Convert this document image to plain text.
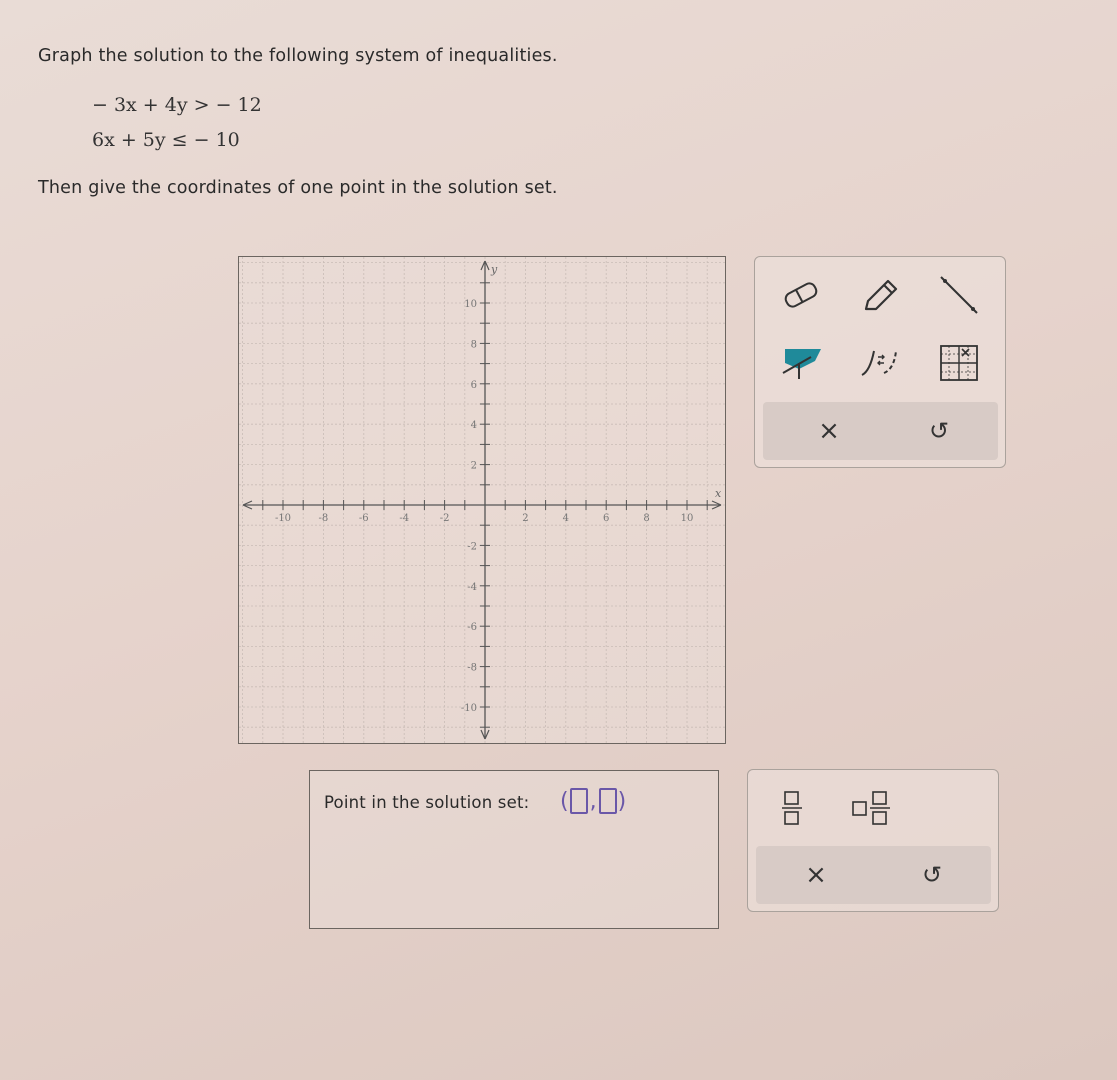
Graph the solution to the following system of inequalities.
− 3x + 4y > − 12
6x + 5y ≤ − 10
Then give the coordinates of one point in the solution set.
-10	-8	-6	-4	-2	2	4	6	8	10
10
8
6
4
2
-2
-4
-6
-8
-10
x
y
×	↺
Point in the solution set: ( , )
×	↺
